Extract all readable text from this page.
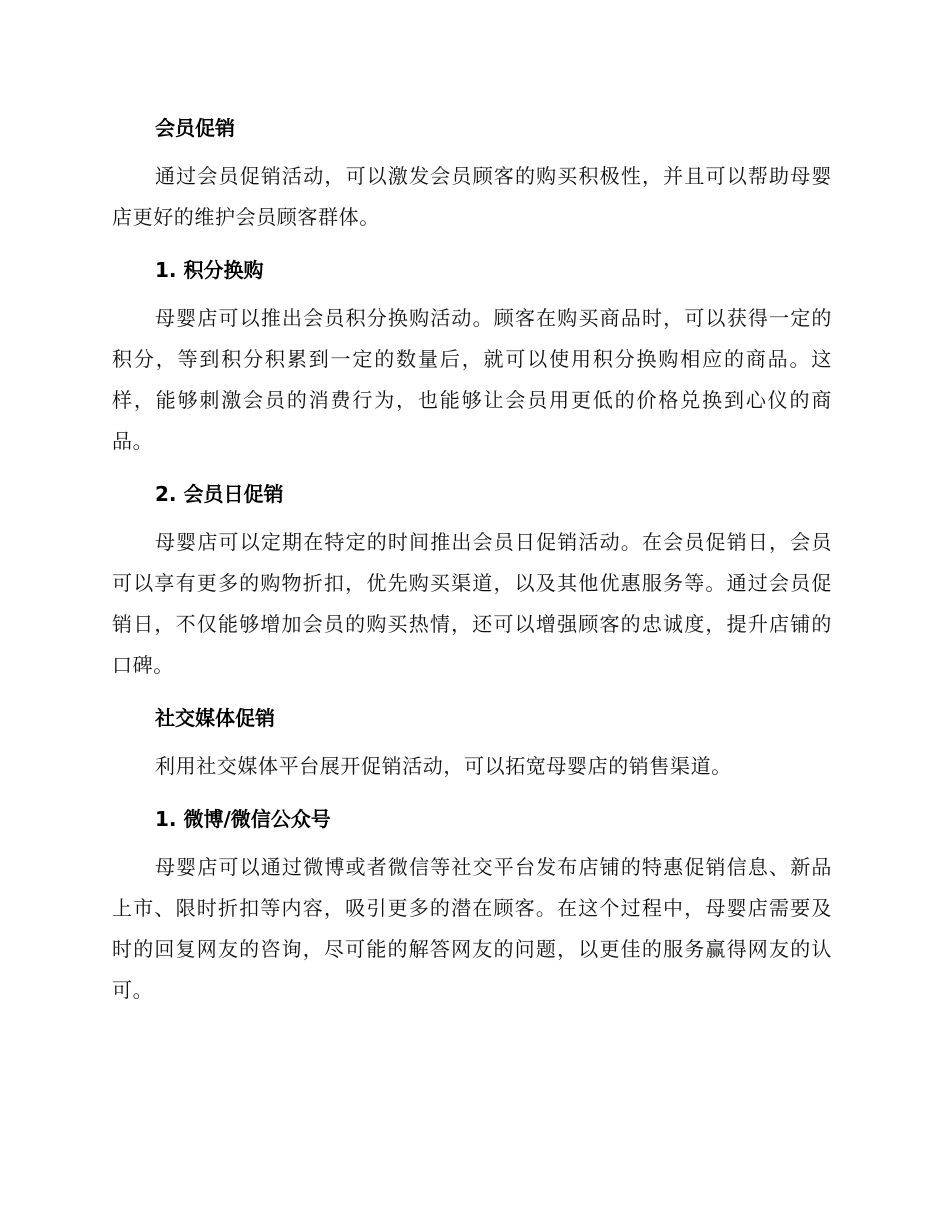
会员促销

通过会员促销活动，可以激发会员顾客的购买积极性，并且可以帮助母婴店更好的维护会员顾客群体。

1. 积分换购

母婴店可以推出会员积分换购活动。顾客在购买商品时，可以获得一定的积分，等到积分积累到一定的数量后，就可以使用积分换购相应的商品。这样，能够刺激会员的消费行为，也能够让会员用更低的价格兑换到心仪的商品。

2. 会员日促销

母婴店可以定期在特定的时间推出会员日促销活动。在会员促销日，会员可以享有更多的购物折扣，优先购买渠道，以及其他优惠服务等。通过会员促销日，不仅能够增加会员的购买热情，还可以增强顾客的忠诚度，提升店铺的口碑。

社交媒体促销

利用社交媒体平台展开促销活动，可以拓宽母婴店的销售渠道。

1. 微博/微信公众号

母婴店可以通过微博或者微信等社交平台发布店铺的特惠促销信息、新品上市、限时折扣等内容，吸引更多的潜在顾客。在这个过程中，母婴店需要及时的回复网友的咨询，尽可能的解答网友的问题，以更佳的服务赢得网友的认可。
